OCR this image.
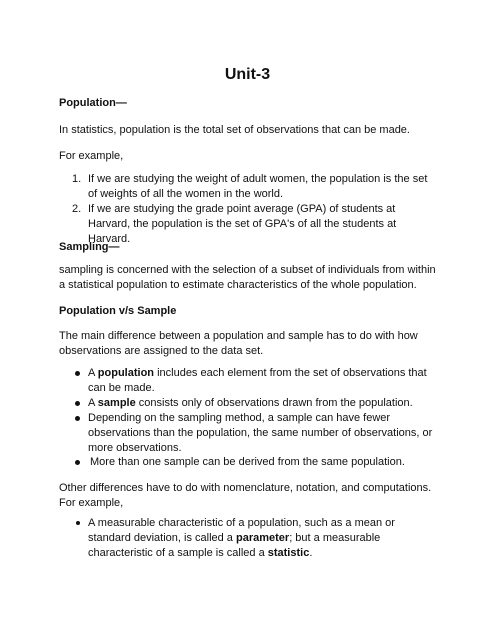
Unit-3
Population—
In statistics, population is the total set of observations that can be made.
For example,
1. If we are studying the weight of adult women, the population is the set of weights of all the women in the world.
2. If we are studying the grade point average (GPA) of students at Harvard, the population is the set of GPA's of all the students at Harvard.
Sampling—
sampling is concerned with the selection of a subset of individuals from within a statistical population to estimate characteristics of the whole population.
Population v/s Sample
The main difference between a population and sample has to do with how observations are assigned to the data set.
A population includes each element from the set of observations that can be made.
A sample consists only of observations drawn from the population.
Depending on the sampling method, a sample can have fewer observations than the population, the same number of observations, or more observations.
More than one sample can be derived from the same population.
Other differences have to do with nomenclature, notation, and computations. For example,
A measurable characteristic of a population, such as a mean or standard deviation, is called a parameter; but a measurable characteristic of a sample is called a statistic.
